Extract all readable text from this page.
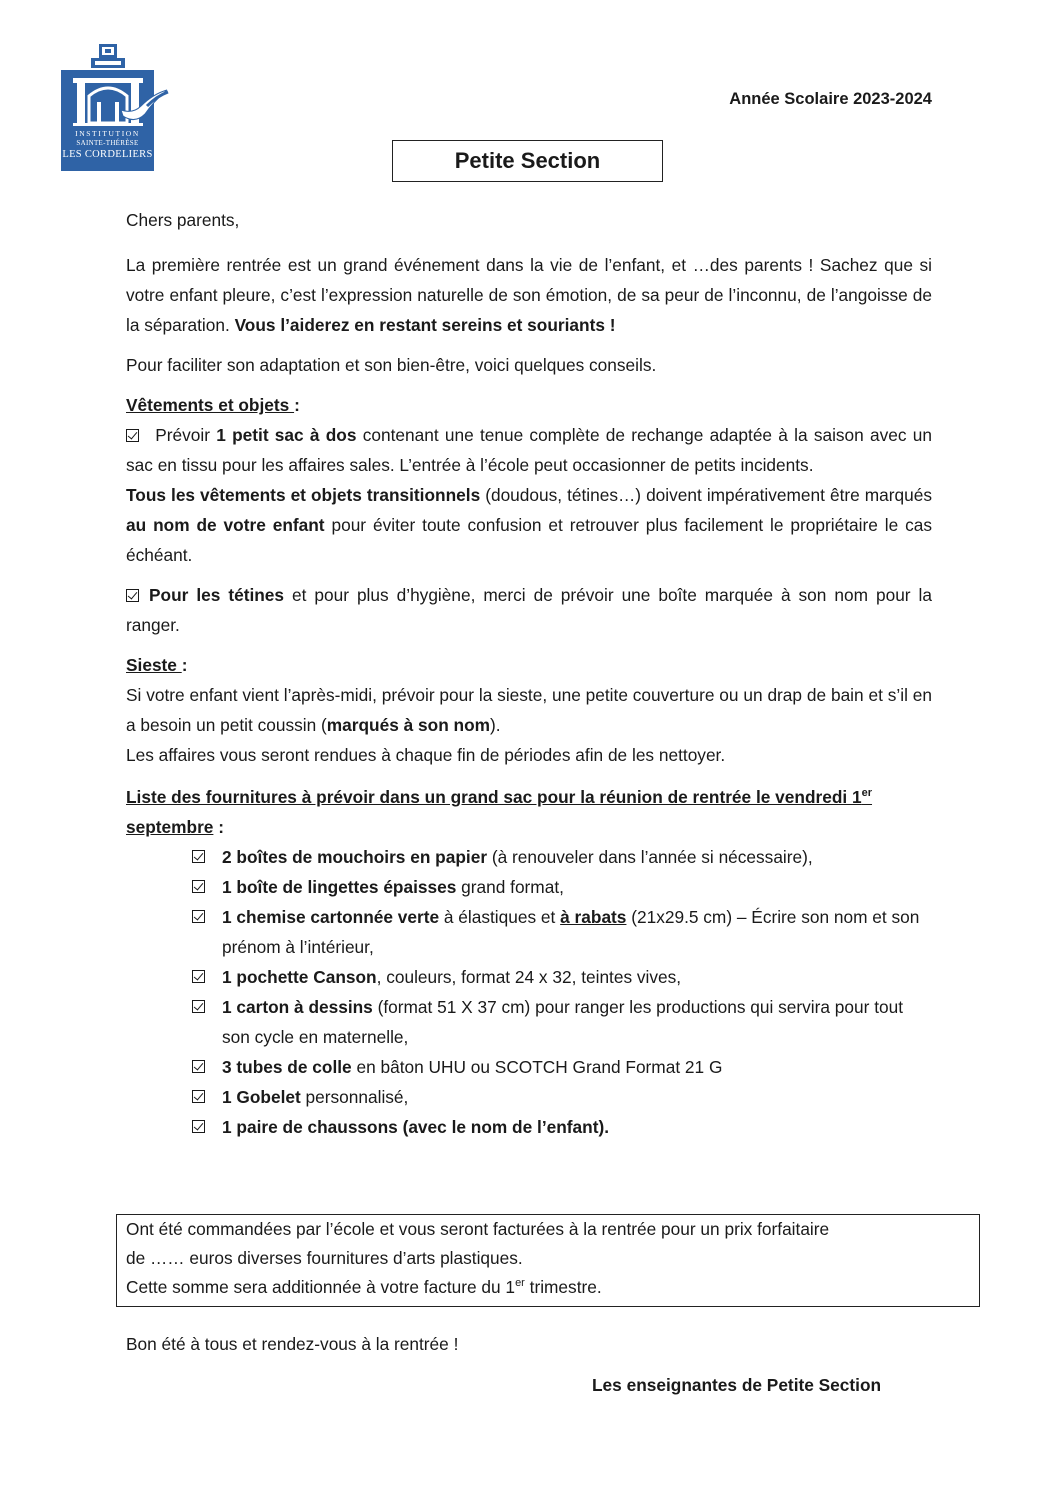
INSTITUTION
SAINTE-THÉRÈSE
LES CORDELIERS
Année Scolaire 2023-2024
Petite Section

Chers parents,

La première rentrée est un grand événement dans la vie de l’enfant, et …des parents ! Sachez que si votre enfant pleure, c’est l’expression naturelle de son émotion, de sa peur de l’inconnu, de l’angoisse de la séparation. Vous l’aiderez en restant sereins et souriants !

Pour faciliter son adaptation et son bien-être, voici quelques conseils.

Vêtements et objets :

Prévoir 1 petit sac à dos contenant une tenue complète de rechange adaptée à la saison avec un sac en tissu pour les affaires sales. L’entrée à l’école peut occasionner de petits incidents.

Tous les vêtements et objets transitionnels (doudous, tétines…) doivent impérativement être marqués au nom de votre enfant pour éviter toute confusion et retrouver plus facilement le propriétaire le cas échéant.

Pour les tétines et pour plus d’hygiène, merci de prévoir une boîte marquée à son nom pour la ranger.

Sieste :

Si votre enfant vient l’après-midi, prévoir pour la sieste, une petite couverture ou un drap de bain et s’il en a besoin un petit coussin (marqués à son nom).

Les affaires vous seront rendues à chaque fin de périodes afin de les nettoyer.

Liste des fournitures à prévoir dans un grand sac pour la réunion de rentrée le vendredi 1er
septembre :

2 boîtes de mouchoirs en papier (à renouveler dans l’année si nécessaire),
1 boîte de lingettes épaisses grand format,
1 chemise cartonnée verte à élastiques et à rabats (21x29.5 cm) – Écrire son nom et son prénom à l’intérieur,
1 pochette Canson, couleurs, format 24 x 32, teintes vives,
1 carton à dessins (format 51 X 37 cm) pour ranger les productions qui servira pour tout son cycle en maternelle,
3 tubes de colle en bâton UHU ou SCOTCH Grand Format 21 G
1 Gobelet personnalisé,
1 paire de chaussons (avec le nom de l’enfant).
Ont été commandées par l’école et vous seront facturées à la rentrée pour un prix forfaitaire
de …… euros diverses fournitures d’arts plastiques.
Cette somme sera additionnée à votre facture du 1er trimestre.
Bon été à tous et rendez-vous à la rentrée !
Les enseignantes de Petite Section
